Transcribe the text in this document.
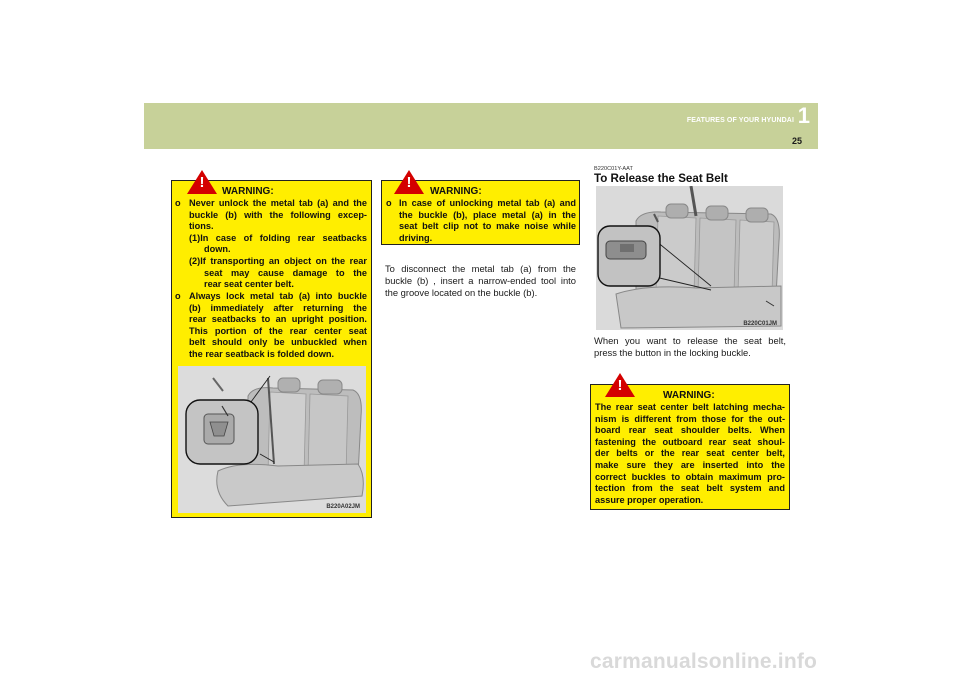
FEATURES OF YOUR HYUNDAI 1
25
!
WARNING:
o Never unlock the metal tab (a) and the
buckle (b) with the following excep-
tions.
(1)In case of folding rear seatbacks
down.
(2)If transporting an object on the rear
seat may cause damage to the
rear seat center belt.
o Always lock metal tab (a) into buckle
(b) immediately after returning the
rear seatbacks to an upright position.
This portion of the rear center seat
belt should only be unbuckled when
the rear seatback is folded down.
B220A02JM
!
WARNING:
o In case of unlocking metal tab (a) and
the buckle (b), place metal (a) in the
seat belt clip not to make noise while
driving.
To disconnect the metal tab (a) from the
buckle (b) , insert a narrow-ended tool into
the groove located on the buckle (b).
B220C01Y-AAT
To Release the Seat Belt
B220C01JM
When you want to release the seat belt,
press the button in the locking buckle.
!
WARNING:
The rear seat center belt latching mecha-
nism is different from those for the out-
board rear seat shoulder belts. When
fastening the outboard rear seat shoul-
der belts or the rear seat center belt,
make sure they are inserted into the
correct buckles to obtain maximum pro-
tection from the seat belt system and
assure proper operation.
carmanualsonline.info
